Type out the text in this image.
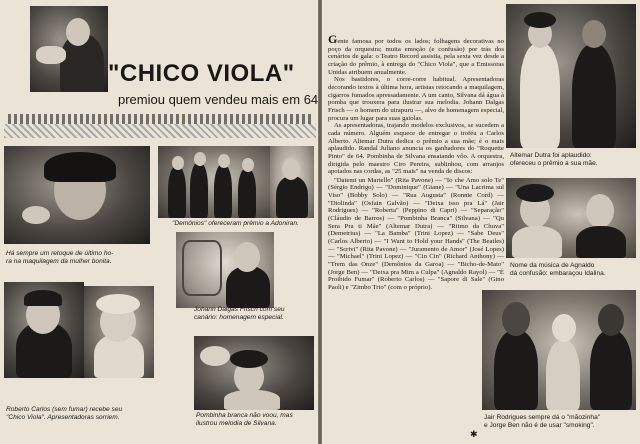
"CHICO VIOLA"
premiou quem vendeu mais em 64
Há sempre um retoque de último ho-
ra na maquilagem da mulher bonita.
"Demônios" ofereceram prêmio a Adoniran.
Johann Dalgas Frisch com seu
canário: homenagem especial.
Roberto Carlos (sem fumar) recebe seu
"Chico Viola". Apresentadoras sorriem.	Pombinha branca não voou, mas
ilustrou melodia de Silvana.

Gente famosa por todos os lados; folhagens decorativas no poço da orquestra; muita emoção (e confusão) por trás dos cenários de gala: o Teatro Record assistia, pela sexta vez desde a criação do prêmio, à entrega do "Chico Viola", que a Emissoras Unidas atribuem anualmente.

Nos bastidores, o corre-corre habitual. Apresentadoras decorando textos à última hora, artistas retocando a maquilagem, cigarros fumados apressadamente. A um canto, Silvana dá água à pomba que trouxera para ilustrar sua melodia. Johann Dalgas Frisch — o homem do uirapuru —, alvo de homenagem especial, procura um lugar para suas gaiolas.

As apresentadoras, trajando modelos exclusivos, se sucedem a cada número. Alguém esquece de entregar o troféu a Carlos Alberto. Altemar Dutra dedica o prêmio a sua mãe; é o mais aplaudido. Randal Juliano anuncia os ganhadores do "Roquette Pinto" de 64. Pombinha de Silvana ensaiando vôo. A orquestra, dirigida pelo maestro Ciro Pereira, sublinhou, com arranjos apoiados nas cordas, as "25 mais" na venda de discos:

"Datemi un Martello" (Rita Pavone) — "Io che Amo solo Te" (Sérgio Endrigo) — "Dominique" (Giane) — "Una Lacrima sul Viso" (Bobby Solo) — "Rua Augusta" (Ronnie Cord) — "Diolinda" (Osfain Galvão) — "Deixa isso pra Lá" (Jair Rodrigues) — "Roberta" (Peppino di Capri) — "Separação" (Cláudio de Barros) — "Pombinha Branca" (Silvana) — "Qu Sera Pra ti Mãe" (Altemar Dutra) — "Ritmo da Chuva" (Demetrius) — "La Bamba" (Trini Lopez) — "Sabe Deus" (Carlos Alberto) — "I Want to Hold your Hands" (The Beatles) — "Scrivi" (Rita Pavone) — "Juramento de Amor" (José Lopes) — "Michael" (Trini Lopez) — "Cin Cin" (Richard Anthony) — "Trem das Onze" (Demônios da Garoa) — "Bicho-de-Mato" (Jorge Ben) — "Deixa pra Mim a Culpa" (Agnaldo Rayol) — "É Proibido Fumar" (Roberto Carlos) — "Sapore di Sale" (Gino Paoli) e "Zimbo Trio" (com o próprio).

✱
Altemar Dutra foi aplaudido:
ofereceu o prêmio a sua mãe.
Nome da música de Agnaldo
dá confusão: embaraçou Idalina.
Jair Rodrigues sempre dá o "mãozinha"
e Jorge Ben não é de usar "smoking".
